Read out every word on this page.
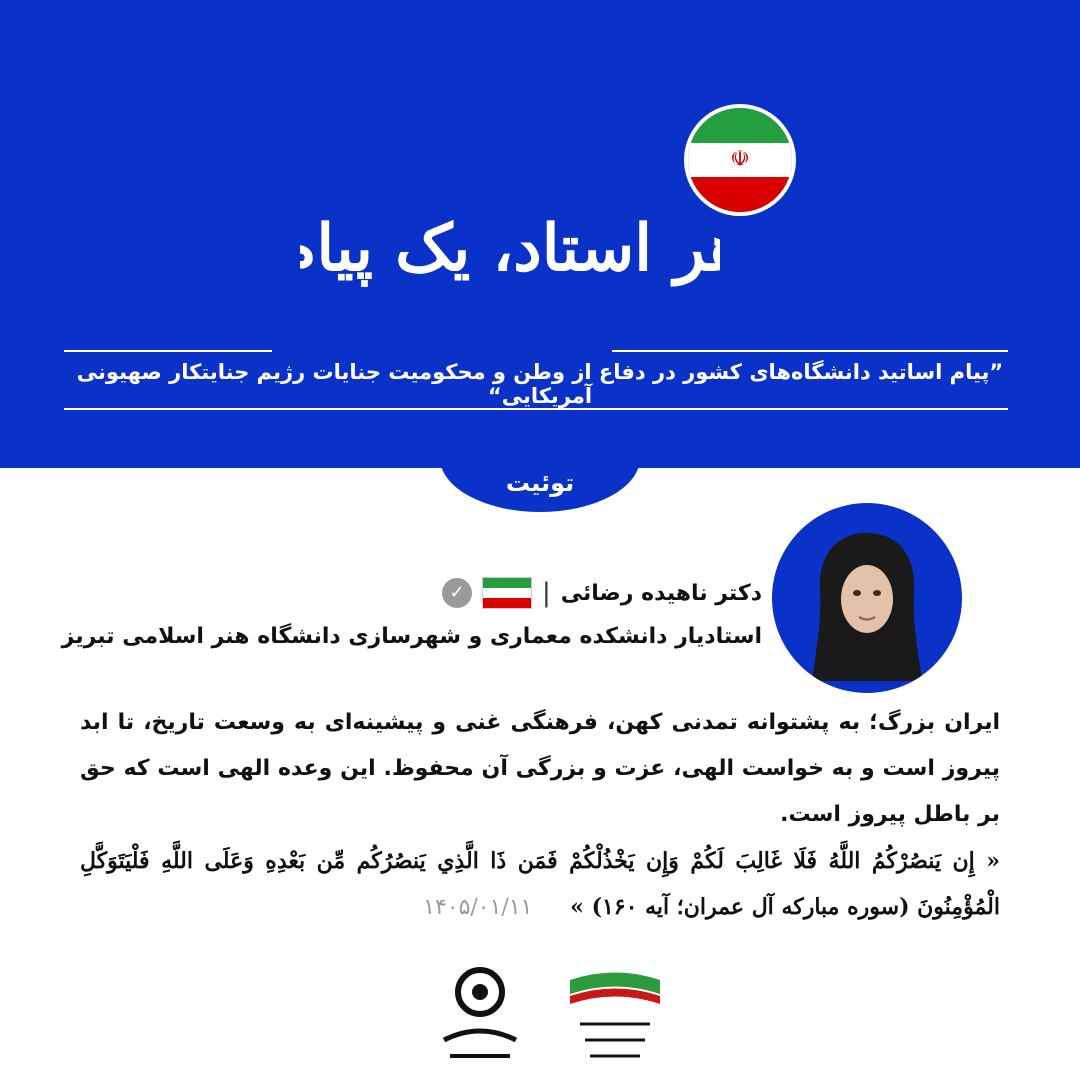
☫
هر استاد، یک پیام
”پیام اساتید دانشگاه‌های کشور در دفاع از وطن و محکومیت جنایات رژیم جنایتکار صهیونی آمریکایی“
توئیت
دکتر ناهیده رضائی
|
✓
استادیار دانشکده معماری و شهرسازی دانشگاه هنر اسلامی تبریز

ایران بزرگ؛ به پشتوانه تمدنی کهن، فرهنگی غنی و پیشینه‌ای به وسعت تاریخ، تا ابد پیروز است و به خواست الهی، عزت و بزرگی آن محفوظ. این وعده الهی است که حق بر باطل پیروز است.

« إِن يَنصُرْكُمُ اللَّهُ فَلَا غَالِبَ لَكُمْ وَإِن يَخْذُلْكُمْ فَمَن ذَا الَّذِي يَنصُرُكُم مِّن بَعْدِهِ وَعَلَى اللَّهِ فَلْيَتَوَكَّلِ الْمُؤْمِنُونَ (سوره مبارکه آل عمران؛ آیه ۱۶۰) » ۱۴۰۵/۰۱/۱۱
